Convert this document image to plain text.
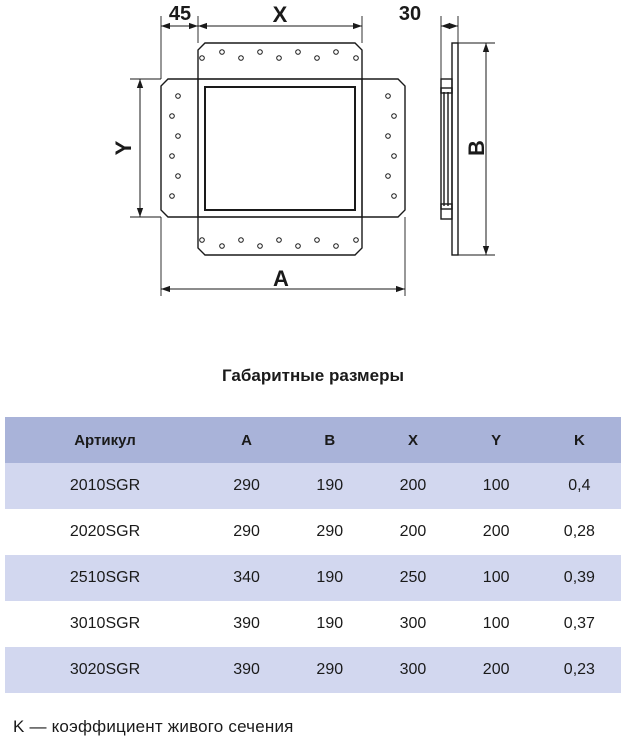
45	X	30
Y
A
B
Габаритные размеры
Артикул	A	B	X	Y	K
2010SGR	290	190	200	100	0,4
2020SGR	290	290	200	200	0,28
2510SGR	340	190	250	100	0,39
3010SGR	390	190	300	100	0,37
3020SGR	390	290	300	200	0,23
K — коэффициент живого сечения
